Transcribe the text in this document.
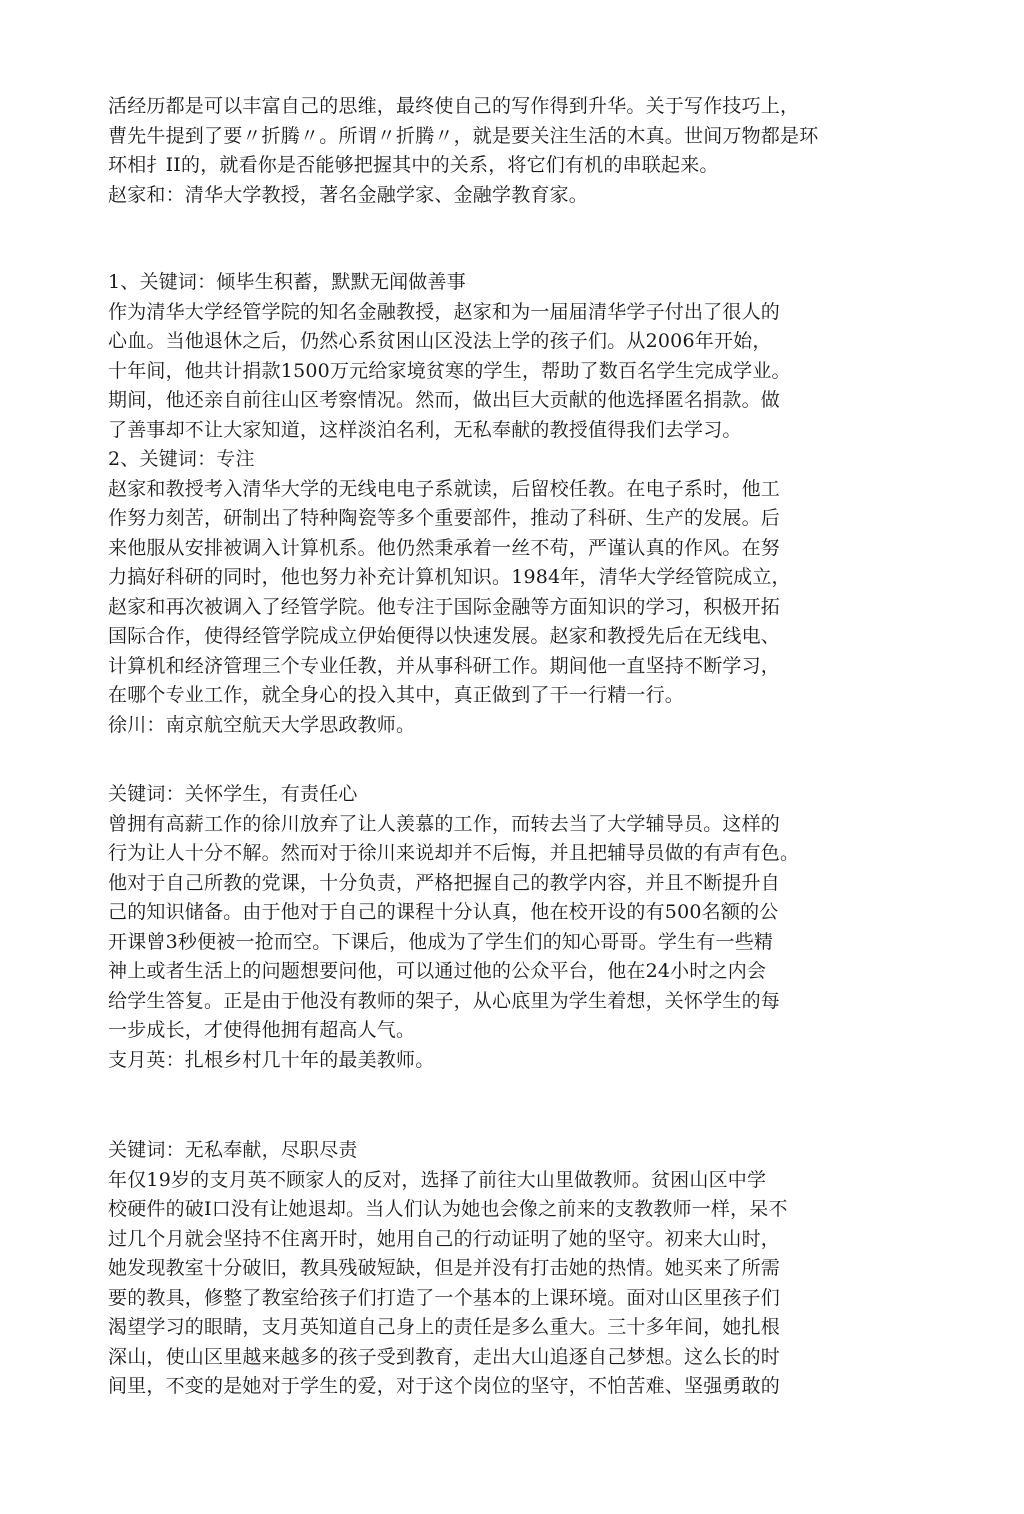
活经历都是可以丰富自己的思维，最终使自己的写作得到升华。关于写作技巧上，
曹先牛提到了要〃折腾〃。所谓〃折腾〃，就是要关注生活的木真。世间万物都是环
环相扌II的，就看你是否能够把握其中的关系，将它们有机的串联起来。
赵家和：清华大学教授，著名金融学家、金融学教育家。
1、关键词：倾毕生积蓄，默默无闻做善事
作为清华大学经管学院的知名金融教授，赵家和为一届届清华学子付出了很人的
心血。当他退休之后，仍然心系贫困山区没法上学的孩子们。从2006年开始，
十年间，他共计捐款1500万元给家境贫寒的学生，帮助了数百名学生完成学业。
期间，他还亲自前往山区考察情况。然而，做出巨大贡献的他选择匿名捐款。做
了善事却不让大家知道，这样淡泊名利，无私奉献的教授值得我们去学习。
2、关键词：专注
赵家和教授考入清华大学的无线电电子系就读，后留校任教。在电子系时，他工
作努力刻苦，研制出了特种陶瓷等多个重要部件，推动了科研、生产的发展。后
来他服从安排被调入计算机系。他仍然秉承着一丝不苟，严谨认真的作风。在努
力搞好科研的同时，他也努力补充计算机知识。1984年，清华大学经管院成立，
赵家和再次被调入了经管学院。他专注于国际金融等方面知识的学习，积极开拓
国际合作，使得经管学院成立伊始便得以快速发展。赵家和教授先后在无线电、
计算机和经济管理三个专业任教，并从事科研工作。期间他一直坚持不断学习，
在哪个专业工作，就全身心的投入其中，真正做到了干一行精一行。
徐川：南京航空航天大学思政教师。
关键词：关怀学生，有责任心
曾拥有高薪工作的徐川放弃了让人羡慕的工作，而转去当了大学辅导员。这样的
行为让人十分不解。然而对于徐川来说却并不后悔，并且把辅导员做的有声有色。
他对于自己所教的党课，十分负责，严格把握自己的教学内容，并且不断提升自
己的知识储备。由于他对于自己的课程十分认真，他在校开设的有500名额的公
开课曾3秒便被一抢而空。下课后，他成为了学生们的知心哥哥。学生有一些精
神上或者生活上的问题想要问他，可以通过他的公众平台，他在24小时之内会
给学生答复。正是由于他没有教师的架子，从心底里为学生着想，关怀学生的每
一步成长，才使得他拥有超高人气。
支月英：扎根乡村几十年的最美教师。
关键词：无私奉献，尽职尽责
年仅19岁的支月英不顾家人的反对，选择了前往大山里做教师。贫困山区中学
校硬件的破I口没有让她退却。当人们认为她也会像之前来的支教教师一样，呆不
过几个月就会坚持不住离开时，她用自己的行动证明了她的坚守。初来大山时，
她发现教室十分破旧，教具残破短缺，但是并没有打击她的热情。她买来了所需
要的教具，修整了教室给孩子们打造了一个基本的上课环境。面对山区里孩子们
渴望学习的眼睛，支月英知道自己身上的责任是多么重大。三十多年间，她扎根
深山，使山区里越来越多的孩子受到教育，走出大山追逐自己梦想。这么长的时
间里，不变的是她对于学生的爱，对于这个岗位的坚守，不怕苦难、坚强勇敢的
